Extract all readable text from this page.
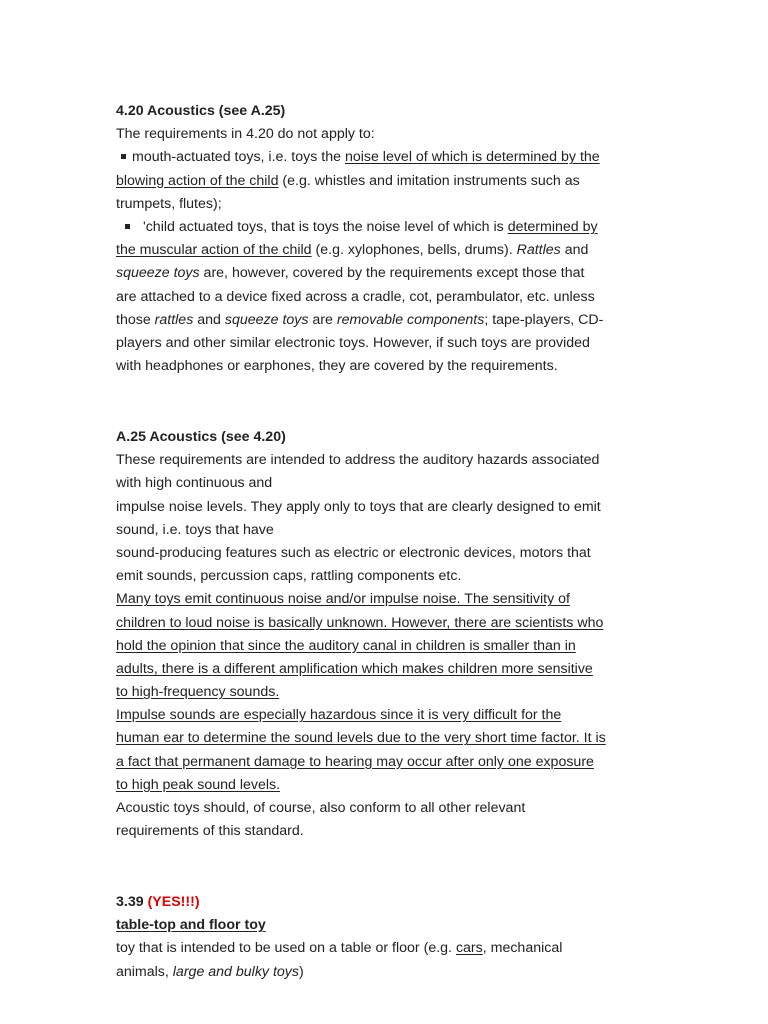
4.20 Acoustics (see A.25)
The requirements in 4.20 do not apply to:
mouth-actuated toys, i.e. toys the noise level of which is determined by the
blowing action of the child (e.g. whistles and imitation instruments such as
trumpets, flutes);
'child actuated toys, that is toys the noise level of which is determined by
the muscular action of the child (e.g. xylophones, bells, drums). Rattles and
squeeze toys are, however, covered by the requirements except those that
are attached to a device fixed across a cradle, cot, perambulator, etc. unless
those rattles and squeeze toys are removable components; tape-players, CD-
players and other similar electronic toys. However, if such toys are provided
with headphones or earphones, they are covered by the requirements.
A.25 Acoustics (see 4.20)
These requirements are intended to address the auditory hazards associated
with high continuous and
impulse noise levels. They apply only to toys that are clearly designed to emit
sound, i.e. toys that have
sound-producing features such as electric or electronic devices, motors that
emit sounds, percussion caps, rattling components etc.
Many toys emit continuous noise and/or impulse noise. The sensitivity of
children to loud noise is basically unknown. However, there are scientists who
hold the opinion that since the auditory canal in children is smaller than in
adults, there is a different amplification which makes children more sensitive
to high-frequency sounds.
Impulse sounds are especially hazardous since it is very difficult for the
human ear to determine the sound levels due to the very short time factor. It is
a fact that permanent damage to hearing may occur after only one exposure
to high peak sound levels.
Acoustic toys should, of course, also conform to all other relevant
requirements of this standard.
3.39 (YES!!!)
table-top and floor toy
toy that is intended to be used on a table or floor (e.g. cars, mechanical
animals, large and bulky toys)
